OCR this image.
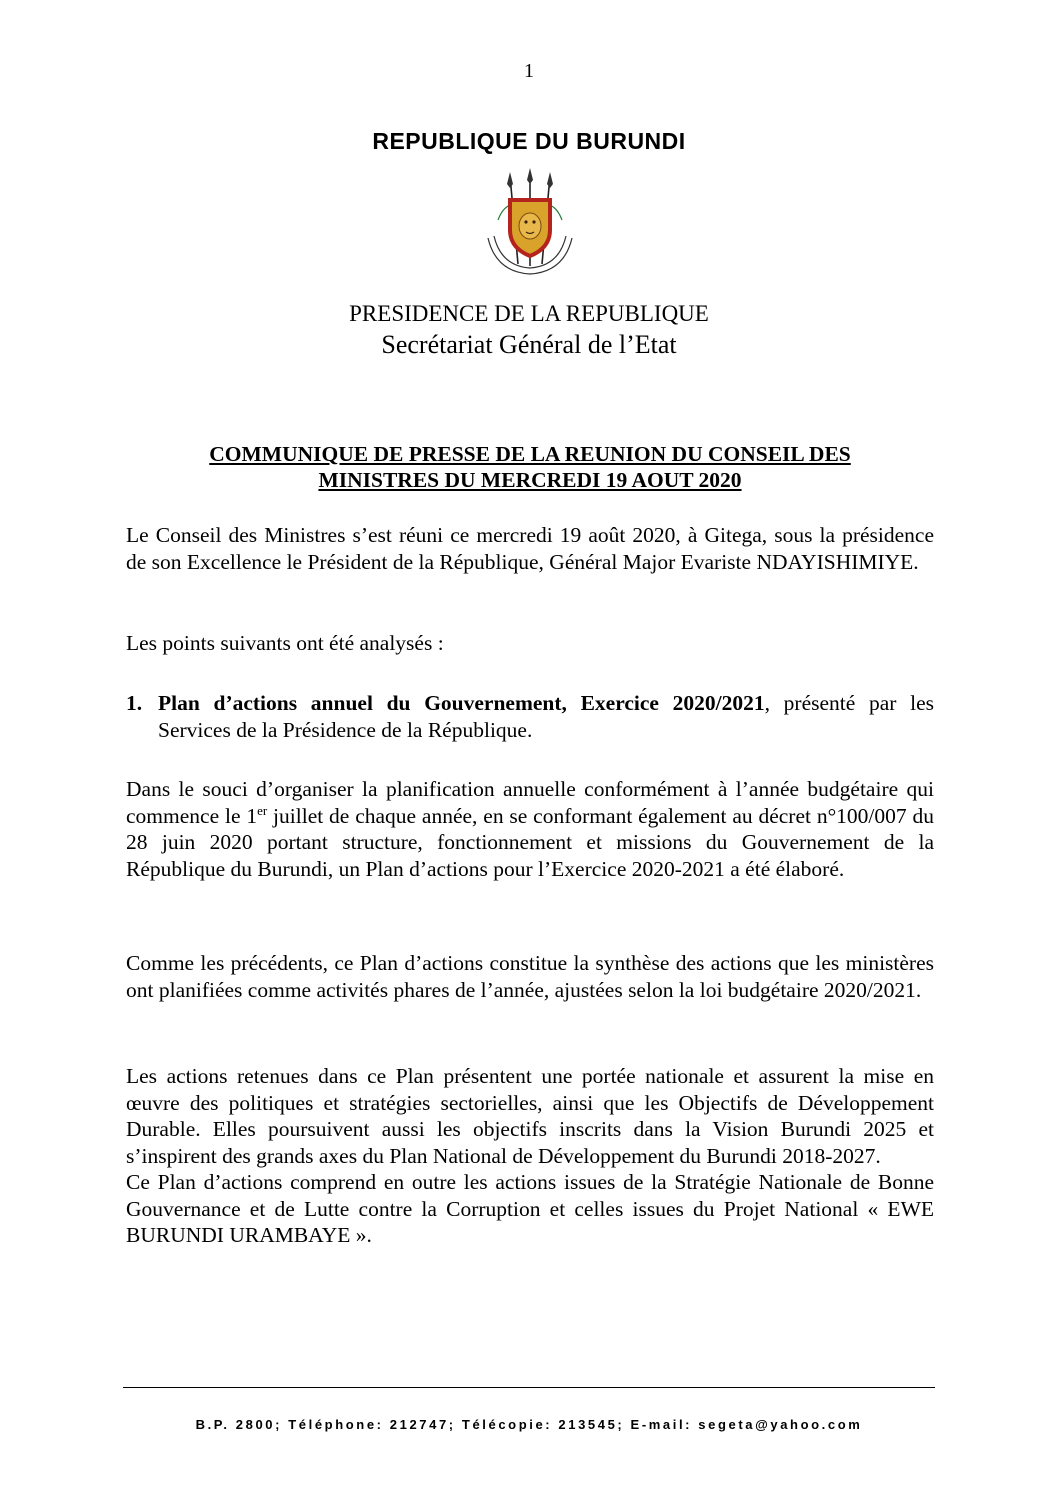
1
REPUBLIQUE DU BURUNDI
PRESIDENCE DE LA REPUBLIQUE
Secrétariat Général de l’Etat
COMMUNIQUE DE PRESSE DE LA REUNION DU CONSEIL DES
MINISTRES DU MERCREDI 19 AOUT 2020

Le Conseil des Ministres s’est réuni ce mercredi 19 août 2020, à Gitega, sous la présidence de son Excellence le Président de la République, Général Major Evariste NDAYISHIMIYE.

Les points suivants ont été analysés :

1. Plan d’actions annuel du Gouvernement, Exercice 2020/2021, présenté par les Services de la Présidence de la République.

Dans le souci d’organiser la planification annuelle conformément à l’année budgétaire qui commence le 1er juillet de chaque année, en se conformant également au décret n°100/007 du 28 juin 2020 portant structure, fonctionnement et missions du Gouvernement de la République du Burundi, un Plan d’actions pour l’Exercice 2020-2021 a été élaboré.

Comme les précédents, ce Plan d’actions constitue la synthèse des actions que les ministères ont planifiées comme activités phares de l’année, ajustées selon la loi budgétaire 2020/2021.

Les actions retenues dans ce Plan présentent une portée nationale et assurent la mise en œuvre des politiques et stratégies sectorielles, ainsi que les Objectifs de Développement Durable. Elles poursuivent aussi les objectifs inscrits dans la Vision Burundi 2025 et s’inspirent des grands axes du Plan National de Développement du Burundi 2018-2027.

Ce Plan d’actions comprend en outre les actions issues de la Stratégie Nationale de Bonne Gouvernance et de Lutte contre la Corruption et celles issues du Projet National « EWE BURUNDI URAMBAYE ».

B.P. 2800; Téléphone: 212747; Télécopie: 213545; E-mail: segeta@yahoo.com
